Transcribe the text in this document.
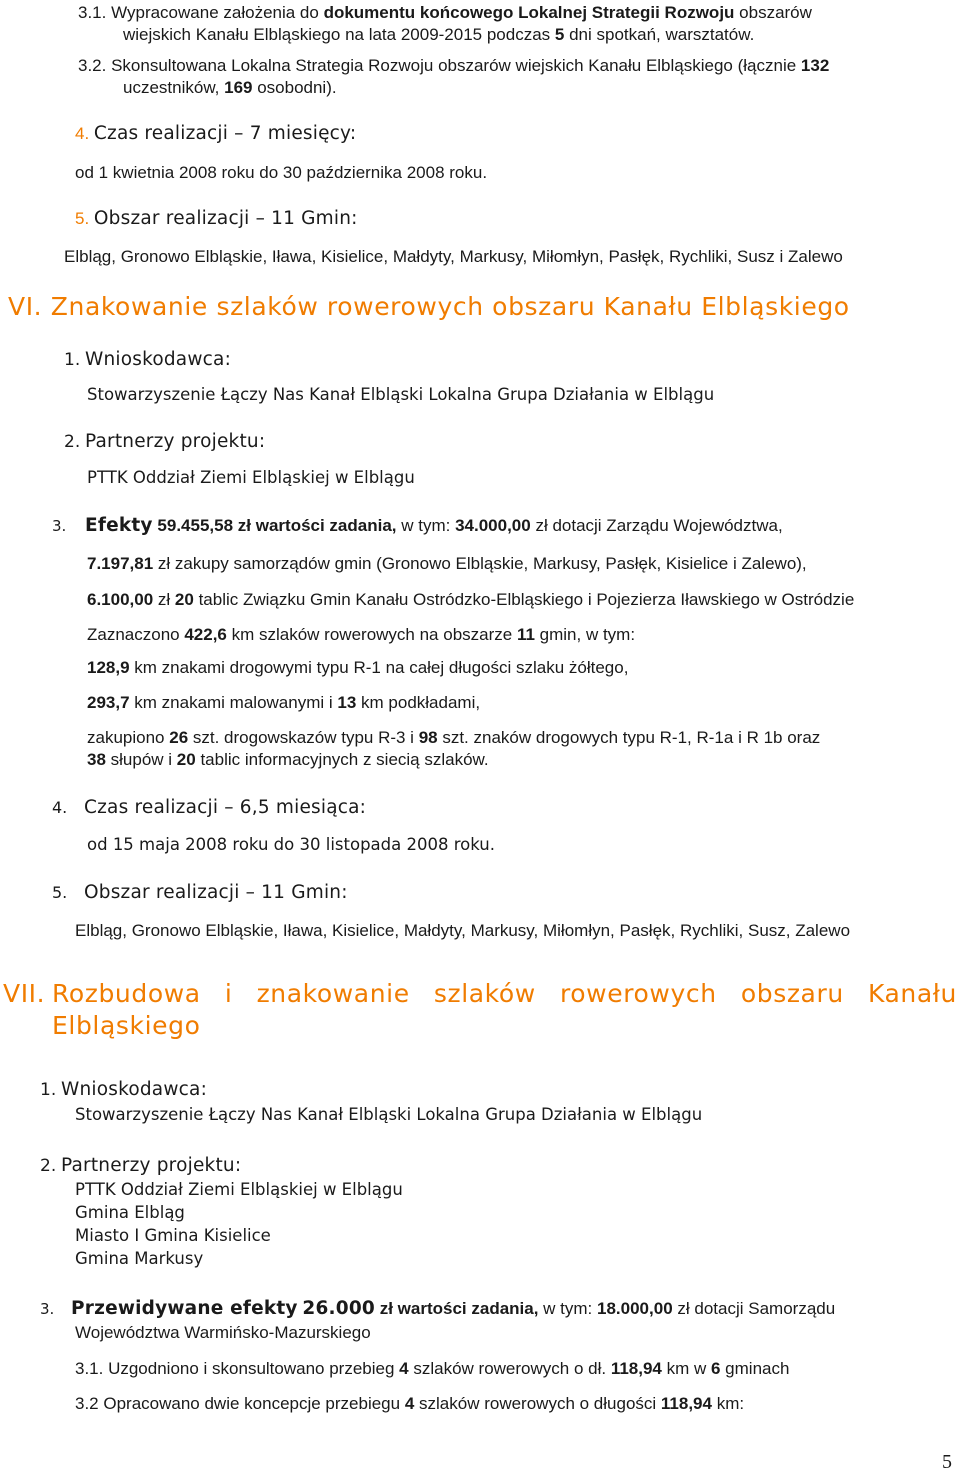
3.1. Wypracowane założenia do dokumentu końcowego Lokalnej Strategii Rozwoju obszarów
wiejskich Kanału Elbląskiego na lata 2009-2015 podczas 5 dni spotkań, warsztatów.
3.2. Skonsultowana Lokalna Strategia Rozwoju obszarów wiejskich Kanału Elbląskiego (łącznie 132
uczestników, 169 osobodni).
4. Czas realizacji – 7 miesięcy:
od 1 kwietnia 2008 roku do 30 października 2008 roku.
5. Obszar realizacji – 11 Gmin:
Elbląg, Gronowo Elbląskie, Iława, Kisielice, Małdyty, Markusy, Miłomłyn, Pasłęk, Rychliki, Susz i Zalewo
VI. Znakowanie szlaków rowerowych obszaru Kanału Elbląskiego
1. Wnioskodawca:
Stowarzyszenie Łączy Nas Kanał Elbląski Lokalna Grupa Działania w Elblągu
2. Partnerzy projektu:
PTTK Oddział Ziemi Elbląskiej w Elblągu
3. Efekty 59.455,58 zł wartości zadania, w tym: 34.000,00 zł dotacji Zarządu Województwa,
7.197,81 zł zakupy samorządów gmin (Gronowo Elbląskie, Markusy, Pasłęk, Kisielice i Zalewo),
6.100,00 zł 20 tablic Związku Gmin Kanału Ostródzko-Elbląskiego i Pojezierza Iławskiego w Ostródzie
Zaznaczono 422,6 km szlaków rowerowych na obszarze 11 gmin, w tym:
128,9 km znakami drogowymi typu R-1 na całej długości szlaku żółtego,
293,7 km znakami malowanymi i 13 km podkładami,
zakupiono 26 szt. drogowskazów typu R-3 i 98 szt. znaków drogowych typu R-1, R-1a i R 1b oraz
38 słupów i 20 tablic informacyjnych z siecią szlaków.
4. Czas realizacji – 6,5 miesiąca:
od 15 maja 2008 roku do 30 listopada 2008 roku.
5. Obszar realizacji – 11 Gmin:
Elbląg, Gronowo Elbląskie, Iława, Kisielice, Małdyty, Markusy, Miłomłyn, Pasłęk, Rychliki, Susz, Zalewo
VII. Rozbudowa i znakowanie szlaków rowerowych obszaru Kanału
Elbląskiego
1. Wnioskodawca:
Stowarzyszenie Łączy Nas Kanał Elbląski Lokalna Grupa Działania w Elblągu
2. Partnerzy projektu:
PTTK Oddział Ziemi Elbląskiej w Elblągu
Gmina Elbląg
Miasto I Gmina Kisielice
Gmina Markusy
3. Przewidywane efekty 26.000 zł wartości zadania, w tym: 18.000,00 zł dotacji Samorządu
Województwa Warmińsko-Mazurskiego
3.1. Uzgodniono i skonsultowano przebieg 4 szlaków rowerowych o dł. 118,94 km w 6 gminach
3.2 Opracowano dwie koncepcje przebiegu 4 szlaków rowerowych o długości 118,94 km:
5
